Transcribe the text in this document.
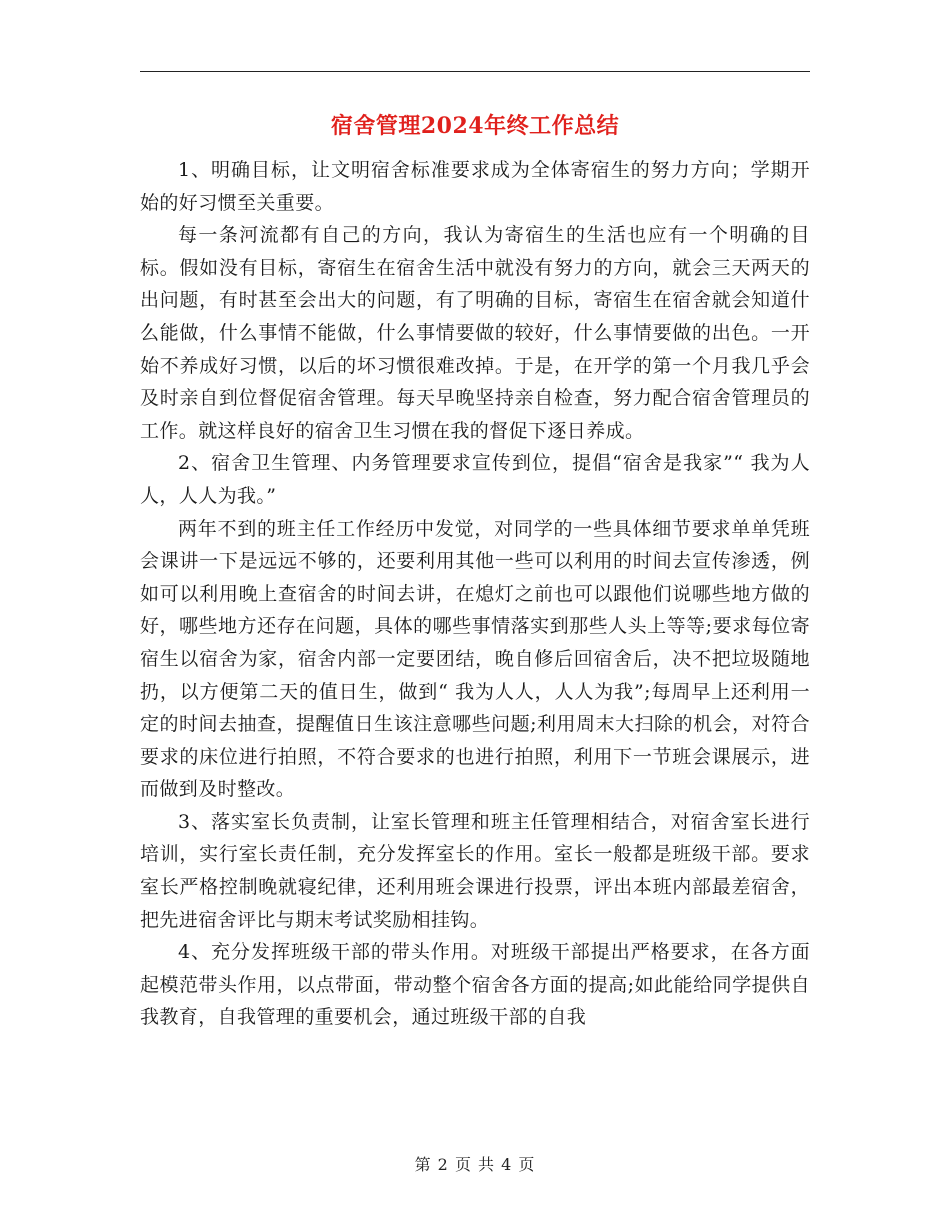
宿舍管理2024年终工作总结

1、明确目标，让文明宿舍标准要求成为全体寄宿生的努力方向；学期开始的好习惯至关重要。

每一条河流都有自己的方向，我认为寄宿生的生活也应有一个明确的目标。假如没有目标，寄宿生在宿舍生活中就没有努力的方向，就会三天两天的出问题，有时甚至会出大的问题，有了明确的目标，寄宿生在宿舍就会知道什么能做，什么事情不能做，什么事情要做的较好，什么事情要做的出色。一开始不养成好习惯，以后的坏习惯很难改掉。于是，在开学的第一个月我几乎会及时亲自到位督促宿舍管理。每天早晚坚持亲自检查，努力配合宿舍管理员的工作。就这样良好的宿舍卫生习惯在我的督促下逐日养成。

2、宿舍卫生管理、内务管理要求宣传到位，提倡“宿舍是我家”“ 我为人人，人人为我。”

两年不到的班主任工作经历中发觉，对同学的一些具体细节要求单单凭班会课讲一下是远远不够的，还要利用其他一些可以利用的时间去宣传渗透，例如可以利用晚上查宿舍的时间去讲，在熄灯之前也可以跟他们说哪些地方做的好，哪些地方还存在问题，具体的哪些事情落实到那些人头上等等;要求每位寄宿生以宿舍为家，宿舍内部一定要团结，晚自修后回宿舍后，决不把垃圾随地扔，以方便第二天的值日生，做到“ 我为人人，人人为我”;每周早上还利用一定的时间去抽查，提醒值日生该注意哪些问题;利用周末大扫除的机会，对符合要求的床位进行拍照，不符合要求的也进行拍照，利用下一节班会课展示，进而做到及时整改。

3、落实室长负责制，让室长管理和班主任管理相结合，对宿舍室长进行培训，实行室长责任制，充分发挥室长的作用。室长一般都是班级干部。要求室长严格控制晚就寝纪律，还利用班会课进行投票，评出本班内部最差宿舍，把先进宿舍评比与期末考试奖励相挂钩。

4、充分发挥班级干部的带头作用。对班级干部提出严格要求，在各方面起模范带头作用，以点带面，带动整个宿舍各方面的提高;如此能给同学提供自我教育，自我管理的重要机会，通过班级干部的自我

第 2 页 共 4 页
